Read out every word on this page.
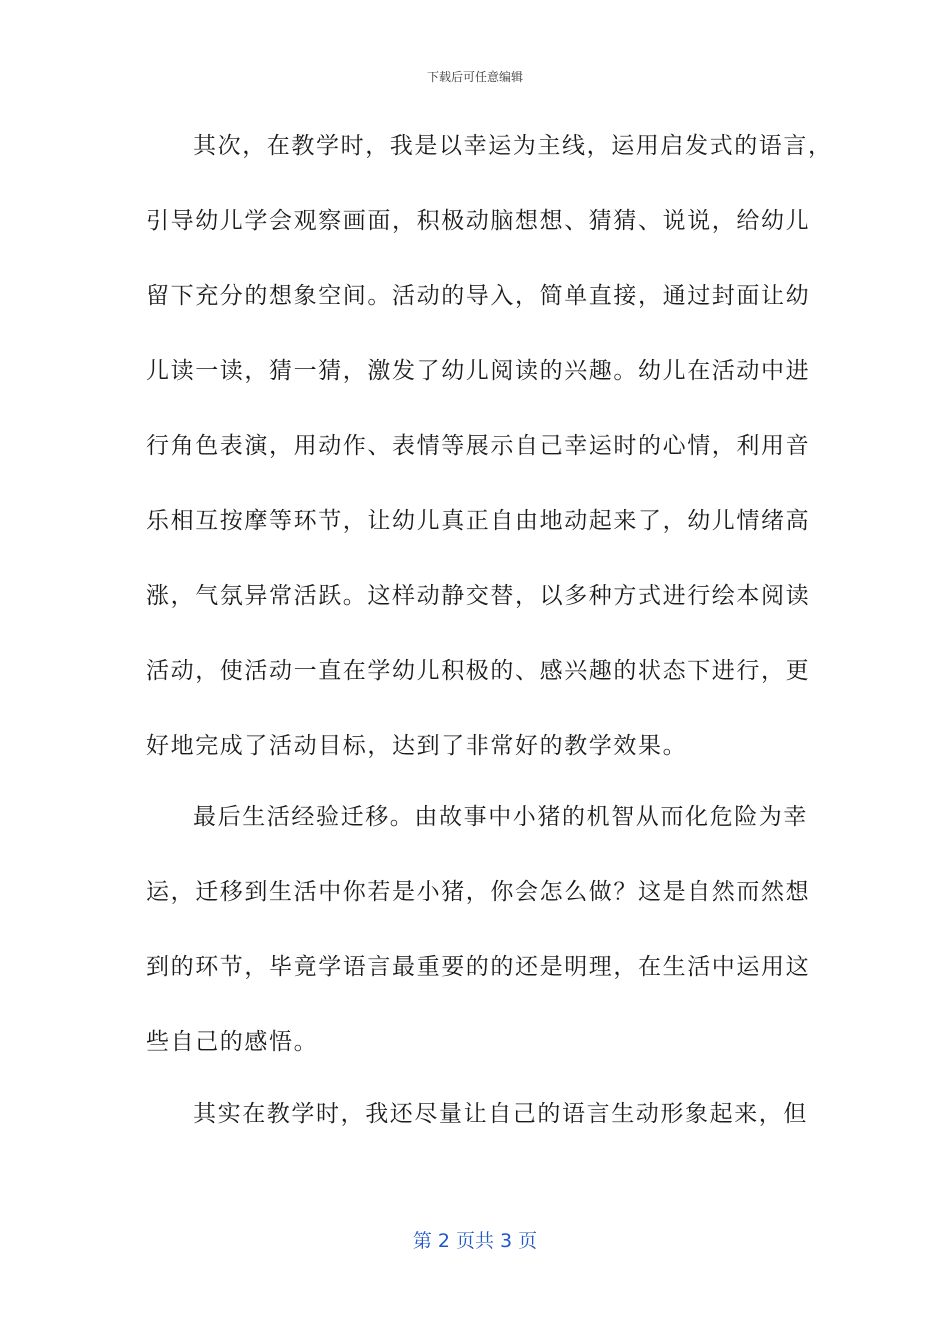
下载后可任意编辑
其次，在教学时，我是以幸运为主线，运用启发式的语言，
引导幼儿学会观察画面，积极动脑想想、猜猜、说说，给幼儿
留下充分的想象空间。活动的导入，简单直接，通过封面让幼
儿读一读，猜一猜，激发了幼儿阅读的兴趣。幼儿在活动中进
行角色表演，用动作、表情等展示自己幸运时的心情，利用音
乐相互按摩等环节，让幼儿真正自由地动起来了，幼儿情绪高
涨，气氛异常活跃。这样动静交替，以多种方式进行绘本阅读
活动，使活动一直在学幼儿积极的、感兴趣的状态下进行，更
好地完成了活动目标，达到了非常好的教学效果。
最后生活经验迁移。由故事中小猪的机智从而化危险为幸
运，迁移到生活中你若是小猪，你会怎么做？这是自然而然想
到的环节，毕竟学语言最重要的的还是明理，在生活中运用这
些自己的感悟。
其实在教学时，我还尽量让自己的语言生动形象起来，但
第 2 页共 3 页
